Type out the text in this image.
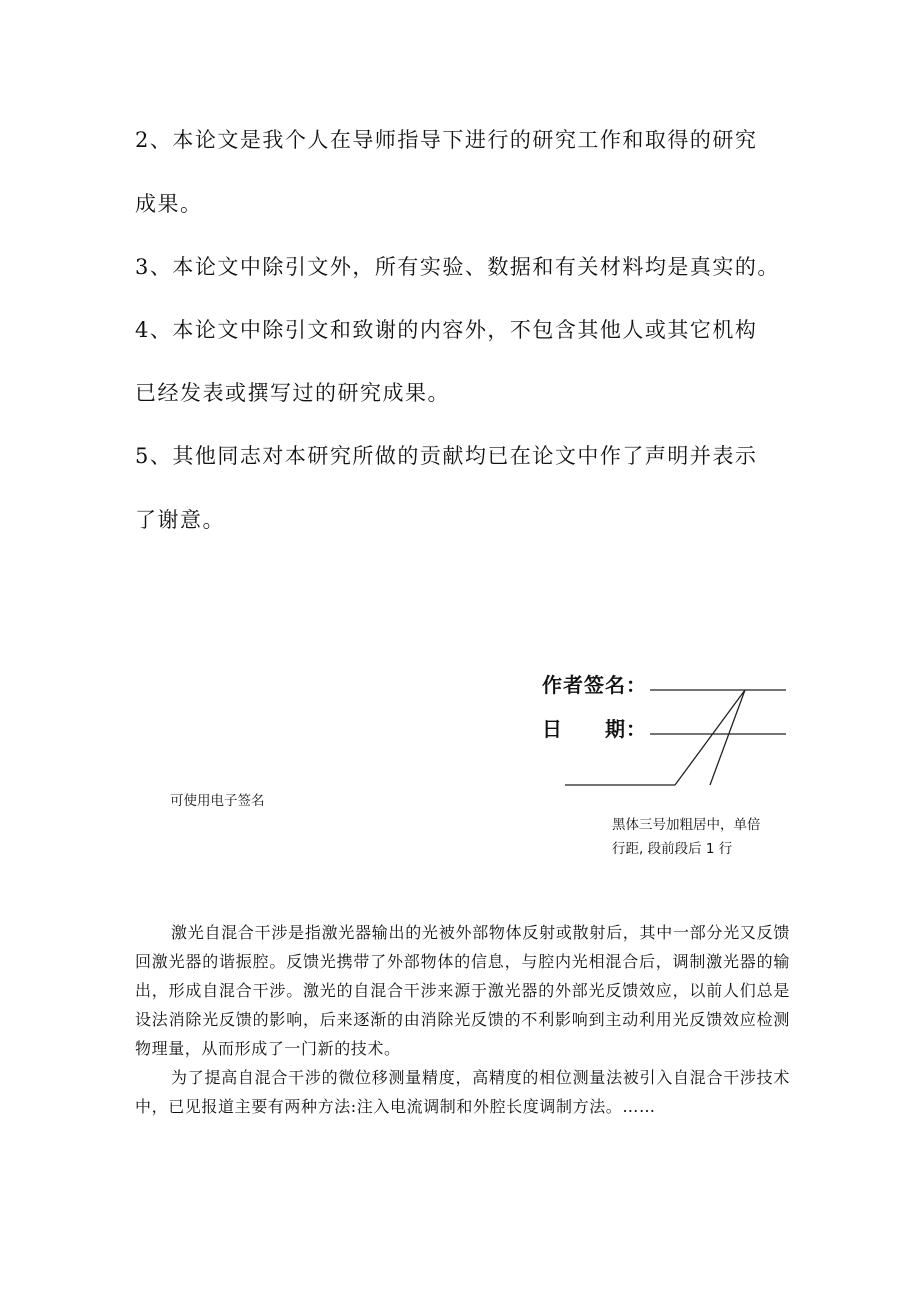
2、本论文是我个人在导师指导下进行的研究工作和取得的研究
成果。
3、本论文中除引文外，所有实验、数据和有关材料均是真实的。
4、本论文中除引文和致谢的内容外，不包含其他人或其它机构
已经发表或撰写过的研究成果。
5、其他同志对本研究所做的贡献均已在论文中作了声明并表示
了谢意。
作者签名：
日 期：
可使用电子签名
黑体三号加粗居中，单倍
行距, 段前段后 1 行

激光自混合干涉是指激光器输出的光被外部物体反射或散射后，其中一部分光又反馈回激光器的谐振腔。反馈光携带了外部物体的信息，与腔内光相混合后，调制激光器的输出，形成自混合干涉。激光的自混合干涉来源于激光器的外部光反馈效应，以前人们总是设法消除光反馈的影响，后来逐渐的由消除光反馈的不利影响到主动利用光反馈效应检测物理量，从而形成了一门新的技术。

为了提高自混合干涉的微位移测量精度，高精度的相位测量法被引入自混合干涉技术中，已见报道主要有两种方法:注入电流调制和外腔长度调制方法。……
